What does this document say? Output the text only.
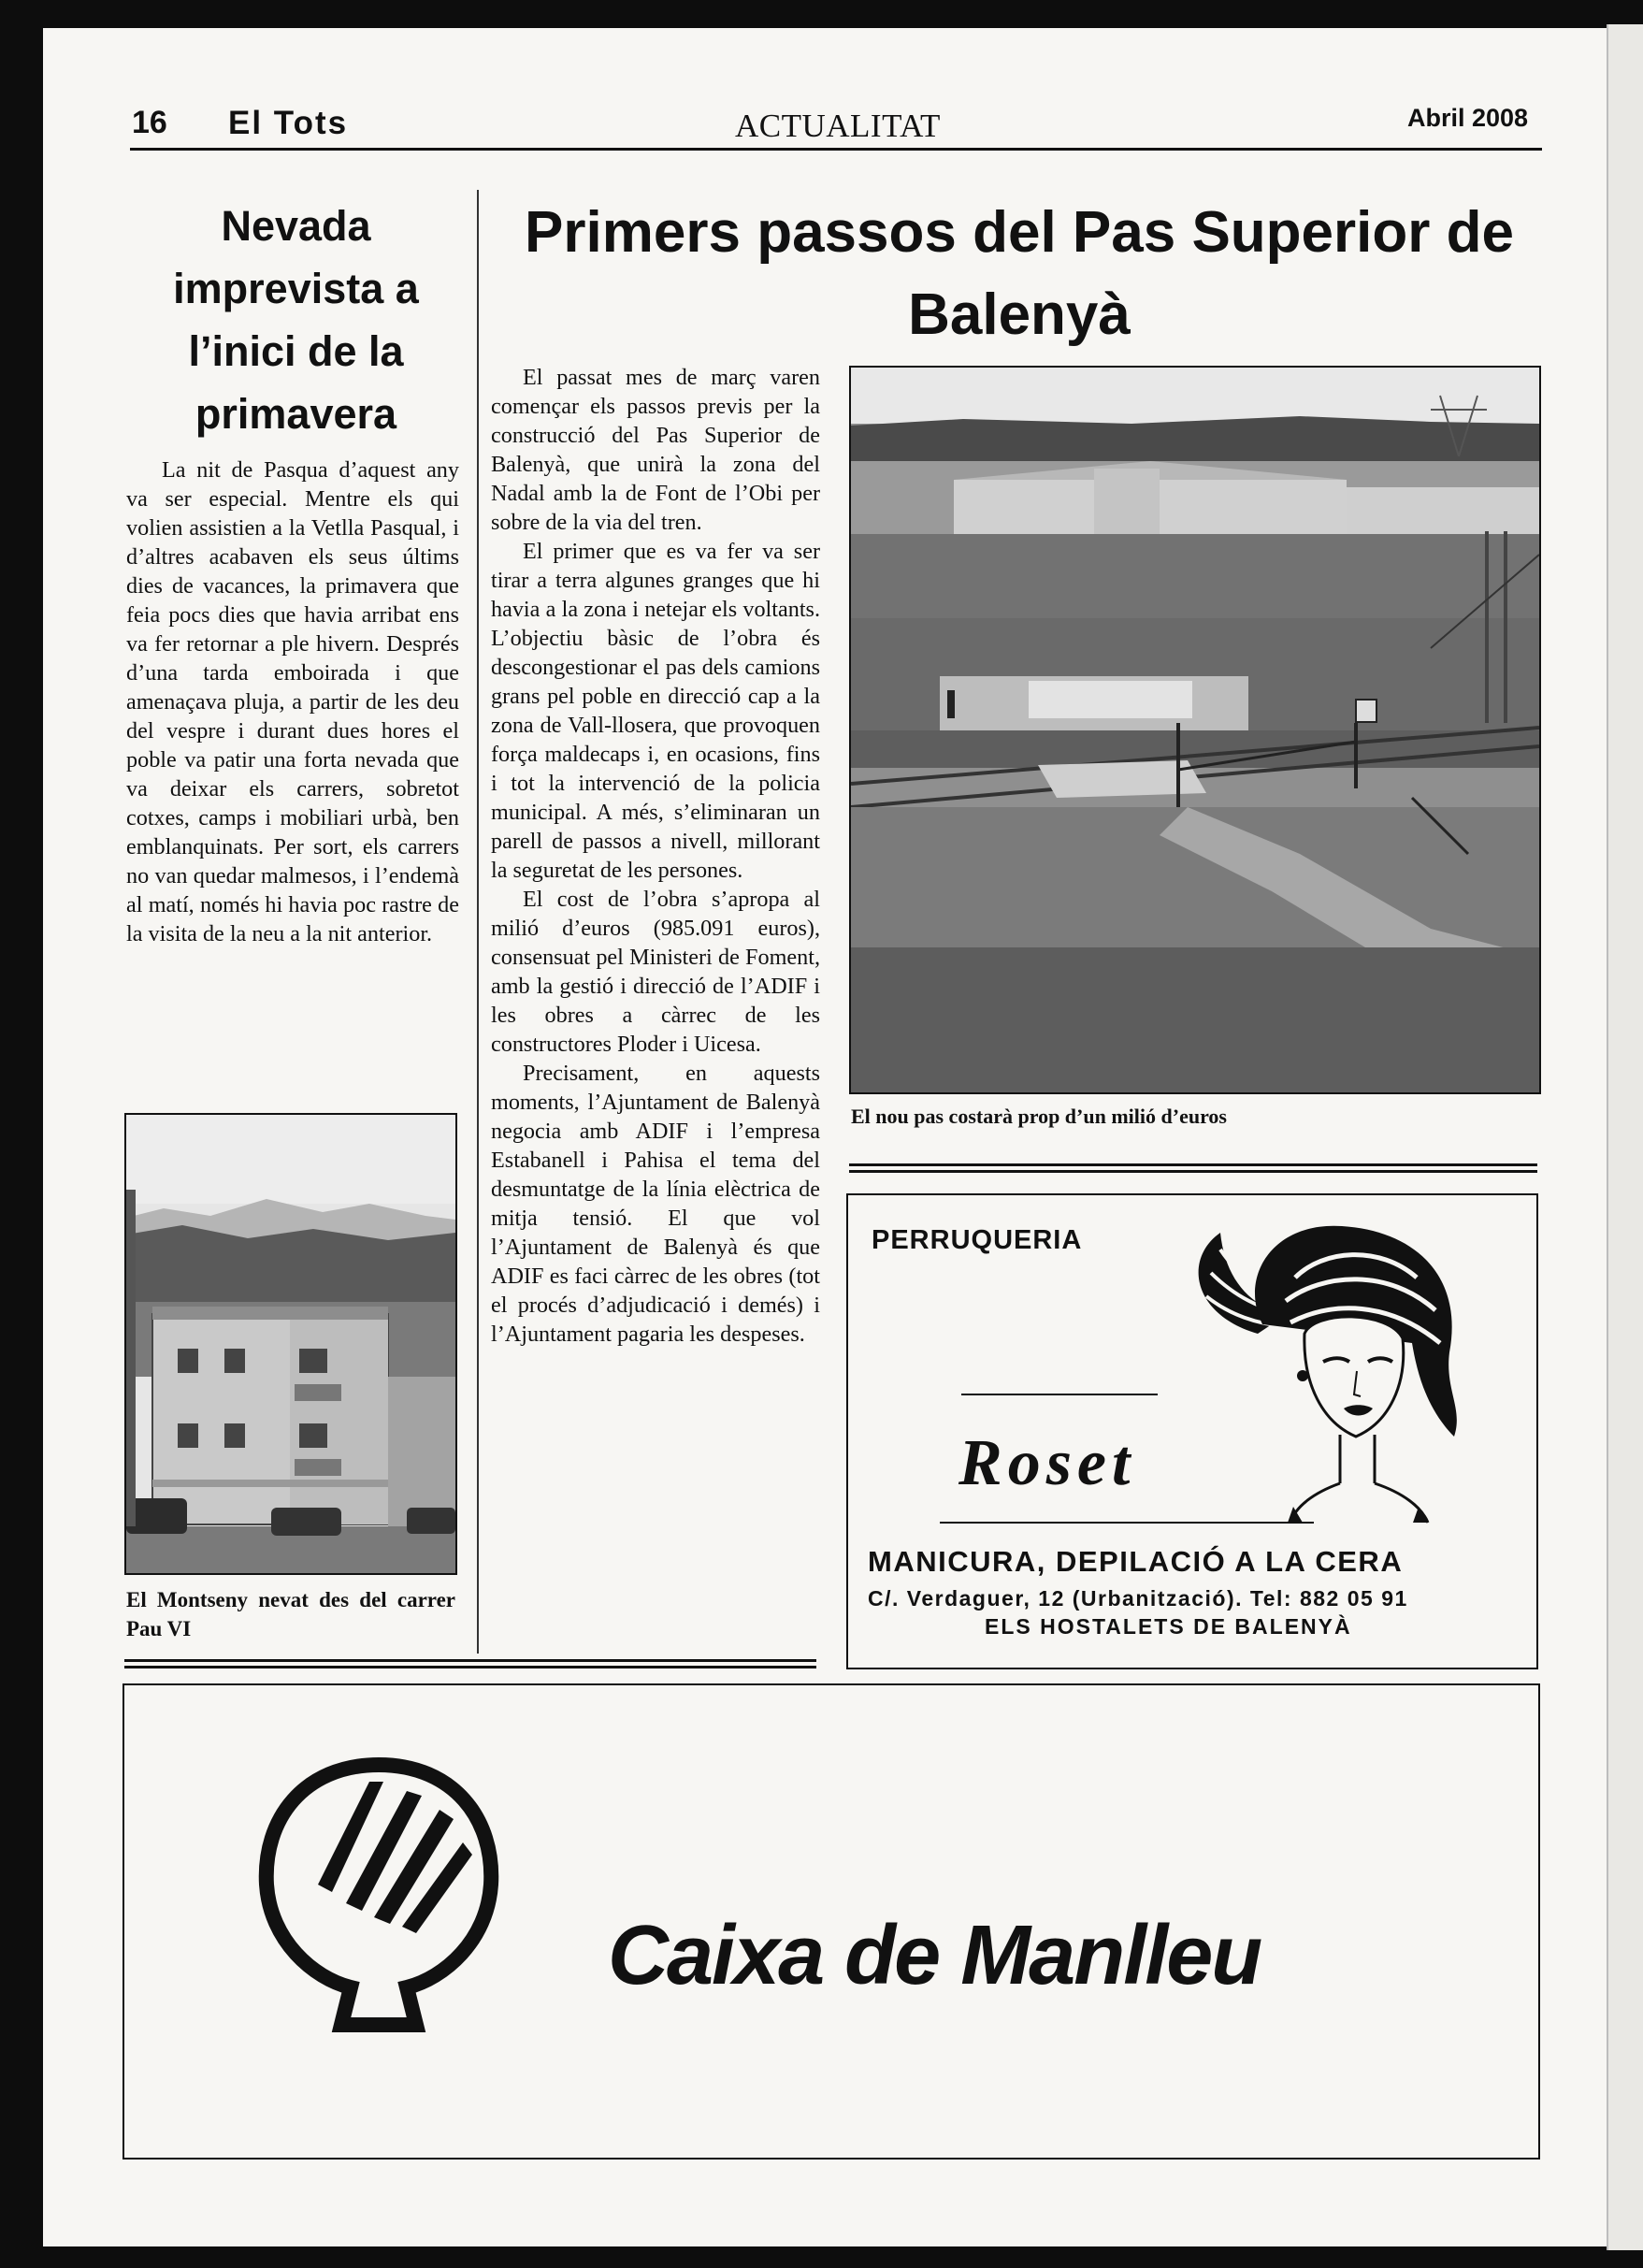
16 El Tots	ACTUALITAT	Abril 2008
Nevada imprevista a l’inici de la primavera
La nit de Pasqua d’aquest any va ser especial. Mentre els qui volien assistien a la Vetlla Pasqual, i d’altres acabaven els seus últims dies de vacances, la primavera que feia pocs dies que havia arribat ens va fer retornar a ple hivern. Després d’una tarda emboirada i que amenaçava pluja, a partir de les deu del vespre i durant dues hores el poble va patir una forta nevada que va deixar els carrers, sobretot cotxes, camps i mobiliari urbà, ben emblanquinats. Per sort, els carrers no van quedar malmesos, i l’endemà al matí, només hi havia poc rastre de la visita de la neu a la nit anterior.
El Montseny nevat des del carrer Pau VI
Primers passos del Pas Superior de Balenyà

El passat mes de març varen començar els passos previs per la construcció del Pas Superior de Balenyà, que unirà la zona del Nadal amb la de Font de l’Obi per sobre de la via del tren.

El primer que es va fer va ser tirar a terra algunes granges que hi havia a la zona i netejar els voltants. L’objectiu bàsic de l’obra és descongestionar el pas dels camions grans pel poble en direcció cap a la zona de Vall-llosera, que provoquen força maldecaps i, en ocasions, fins i tot la intervenció de la policia municipal. A més, s’eliminaran un parell de passos a nivell, millorant la seguretat de les persones.

El cost de l’obra s’apropa al milió d’euros (985.091 euros), consensuat pel Ministeri de Foment, amb la gestió i direcció de l’ADIF i les obres a càrrec de les constructores Ploder i Uicesa.

Precisament, en aquests moments, l’Ajuntament de Balenyà negocia amb ADIF i l’empresa Estabanell i Pahisa el tema del desmuntatge de la línia elèctrica de mitja tensió. El que vol l’Ajuntament de Balenyà és que ADIF es faci càrrec de les obres (tot el procés d’adjudicació i demés) i l’Ajuntament pagaria les despeses.

El nou pas costarà prop d’un milió d’euros
PERRUQUERIA
Roset
MANICURA, DEPILACIÓ A LA CERA
C/. Verdaguer, 12 (Urbanització). Tel: 882 05 91
ELS HOSTALETS DE BALENYÀ
Caixa de Manlleu
